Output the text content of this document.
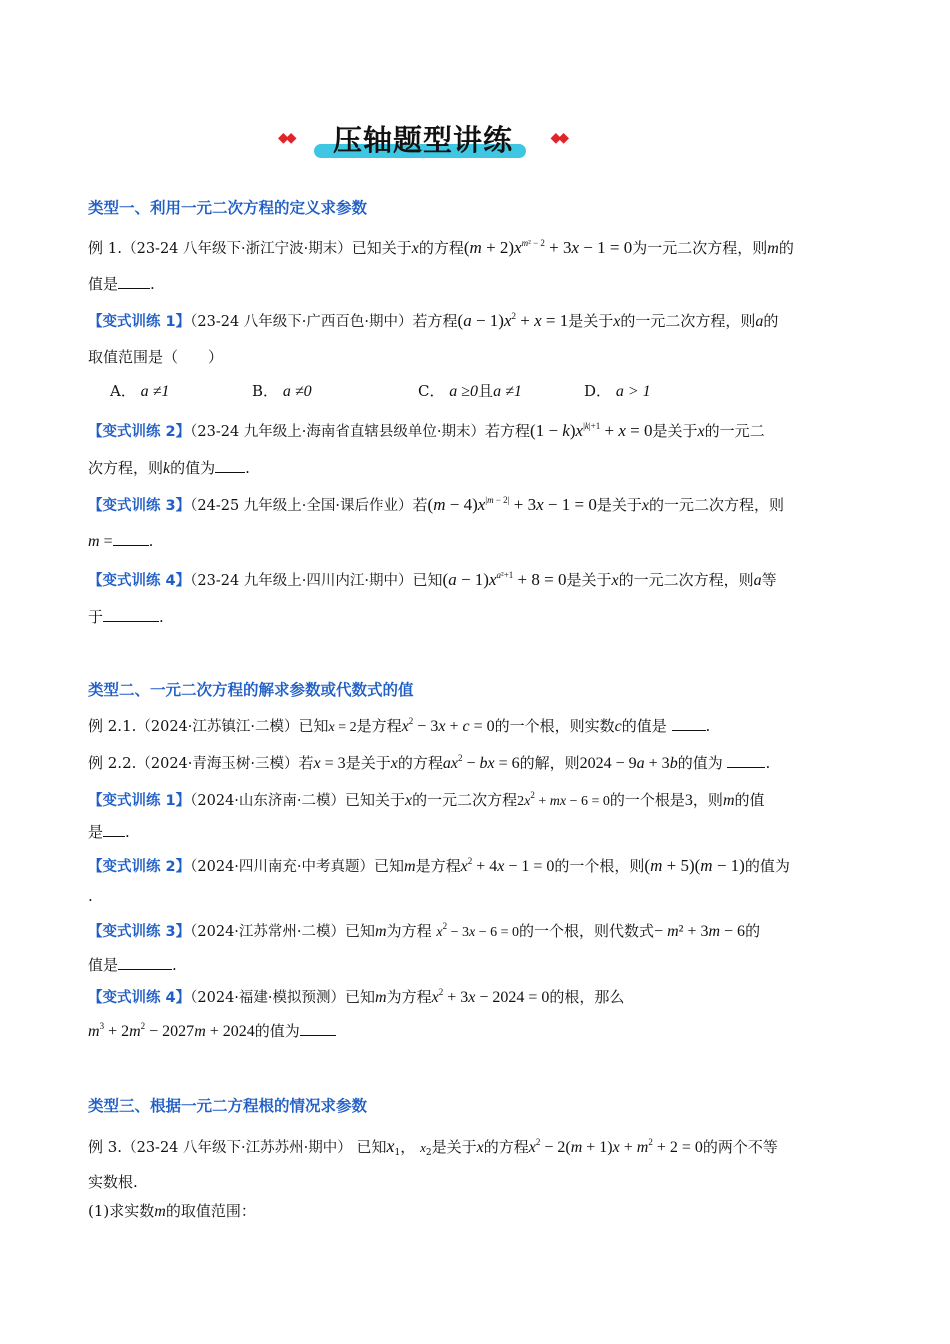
◆◆	压轴题型讲练	◆◆
类型一、利用一元二次方程的定义求参数
例 1.（23-24 八年级下·浙江宁波·期末）已知关于x的方程$(m + 2)x^{m^2 - 2} + 3x - 1 = 0$为一元二次方程，则m的
值是 .
【变式训练 1】（23-24 八年级下·广西百色·期中）若方程$(a - 1)x^2 + x = 1$是关于x的一元二次方程，则a的
取值范围是（　　）
A． a ≠1	B． a ≠0	C． a ≥0且a ≠1	D． a > 1
【变式训练 2】（23-24 九年级上·海南省直辖县级单位·期末）若方程$(1 - k)x^{|k|+1} + x = 0$是关于x的一元二
次方程，则k的值为 .
【变式训练 3】（24-25 九年级上·全国·课后作业）若$(m - 4)x^{|m - 2|} + 3x - 1 = 0$是关于x的一元二次方程，则
m = .
【变式训练 4】（23-24 九年级上·四川内江·期中）已知$(a - 1)x^{a^2+1} + 8 = 0$是关于x的一元二次方程，则a等
于	.
类型二、一元二次方程的解求参数或代数式的值
例 2.1.（2024·江苏镇江·二模）已知x = 2是方程$x^2 - 3x + c = 0$的一个根，则实数c的值是	.
例 2.2.（2024·青海玉树·三模）若x = 3是关于x的方程$ax^2$ − bx = 6的解，则2024 − 9a + 3b的值为	.
【变式训练 1】（2024·山东济南·二模）已知关于x的一元二次方程$2x^2$ + mx − 6 = 0的一个根是3，则m的值
是 .
【变式训练 2】（2024·四川南充·中考真题）已知m是方程$x^2 + 4x - 1 = 0$的一个根，则(m + 5)(m − 1)的值为
.
【变式训练 3】（2024·江苏常州·二模）已知m为方程 $x^2 - 3x - 6 = 0$的一个根，则代数式− m² + 3m − 6的
值是	.
【变式训练 4】（2024·福建·模拟预测）已知m为方程$x^2 + 3x - 2024 = 0$的根，那么
$m^3 + 2m^2 - 2027m + 2024$的值为
类型三、根据一元二方程根的情况求参数
例 3.（23-24 八年级下·江苏苏州·期中） 已知$x_1$， $x_2$是关于x的方程$x^2 - 2(m + 1)x + m^2 + 2 = 0$的两个不等
实数根.
(1)求实数m的取值范围：
